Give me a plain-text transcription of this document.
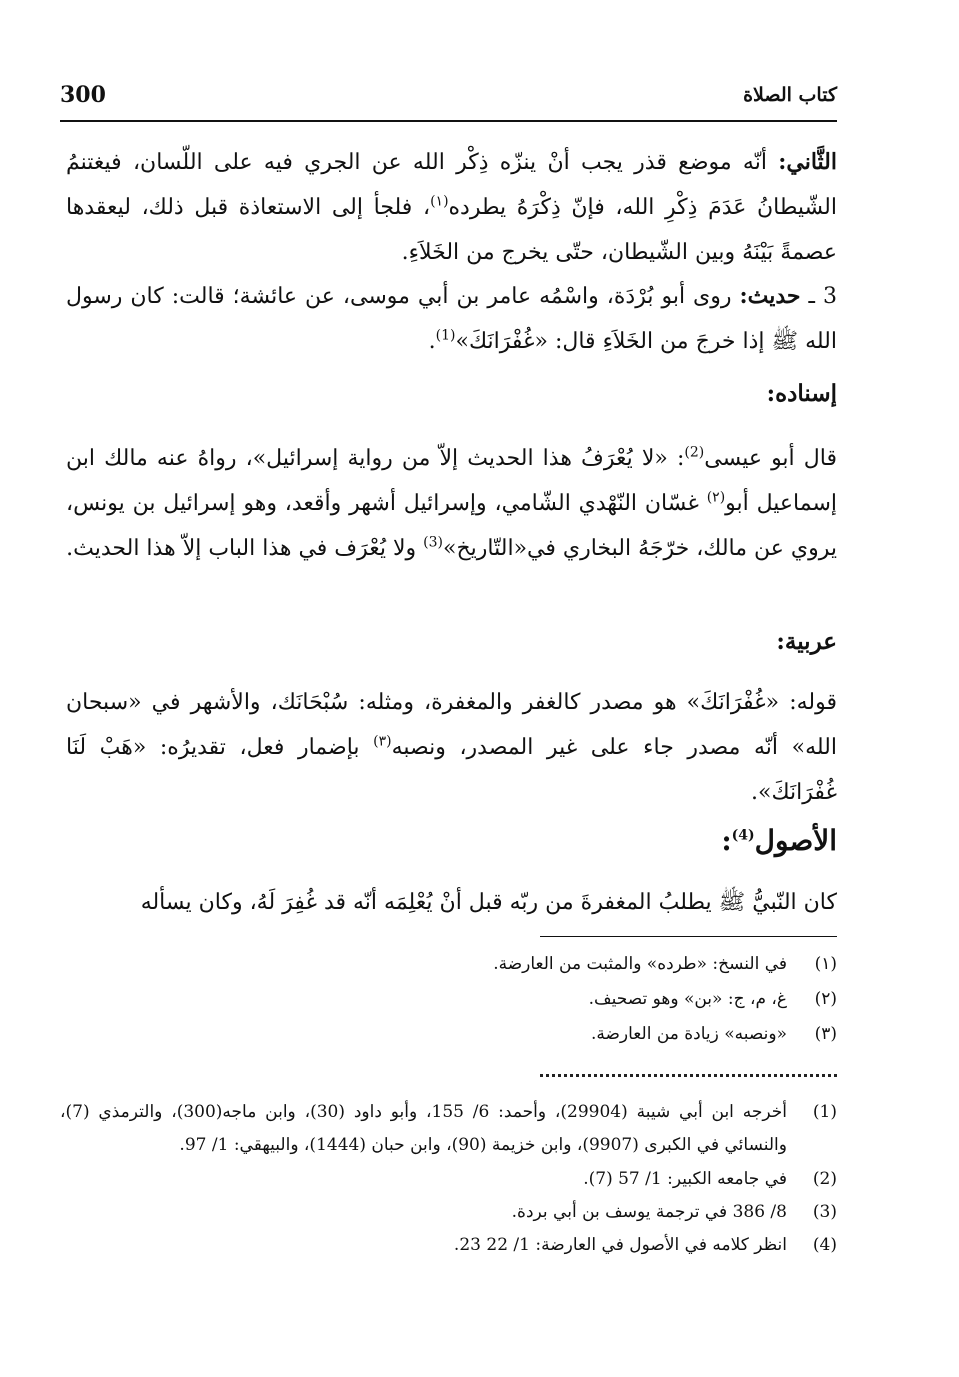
300	كتاب الصلاة
الثَّاني: أنّه موضع قذر يجب أنْ ينزّه ذِكْر الله عن الجري فيه على اللّسان، فيغتنمُ الشّيطانُ عَدَمَ ذِكْرِ الله، فإنّ ذِكْرَهُ يطرده$^{(١)}$، فلجأ إلى الاستعاذة قبل ذلك، ليعقدها عصمةً بَيْنَهُ وبين الشّيطان، حتّى يخرج من الخَلاَءِ.
3 ـ حديث: روى أبو بُرْدَة، واسْمُه عامر بن أبي موسى، عن عائشة؛ قالت: كان رسول الله ﷺ إذا خرجَ من الخَلاَءِ قال: «غُفْرَانَكَ»$^{(1)}$.
إسناده:
قال أبو عيسى$^{(2)}$: «لا يُعْرَفُ هذا الحديث إلاّ من رواية إسرائيل»، رواهُ عنه مالك ابن إسماعيل أبو$^{(٢)}$ غسّان النّهْدي الشّامي، وإسرائيل أشهر وأقعد، وهو إسرائيل بن يونس، يروي عن مالك، خرّجَهُ البخاري في«التّاريخ»$^{(3)}$ ولا يُعْرَف في هذا الباب إلاّ هذا الحديث.
عربية:
قوله: «غُفْرَانَكَ» هو مصدر كالغفر والمغفرة، ومثله: سُبْحَانَك، والأشهر في «سبحان الله» أنّه مصدر جاء على غير المصدر، ونصبه$^{(٣)}$ بإضمار فعل، تقديرُه: «هَبْ لَنَا غُفْرَانَكَ».
الأصول$^{(4)}$:
كان النّبيُّ ﷺ يطلبُ المغفرةَ من ربّه قبل أنْ يُعْلِمَه أنّه قد غُفِرَ لَهُ، وكان يسأله
(١)
في النسخ: «طرده» والمثبت من العارضة.
(٢)
غ، م، ج: «بن» وهو تصحيف.
(٣)
«ونصبه» زيادة من العارضة.
(1)
أخرجه ابن أبي شيبة (29904)، وأحمد: 6/ 155، وأبو داود (30)، وابن ماجه(300)، والترمذي (7)، والنسائي في الكبرى (9907)، وابن خزيمة (90)، وابن حبان (1444)، والبيهقي: 1/ 97.
(2)
في جامعه الكبير: 1/ 57 (7).
(3)
8/ 386 في ترجمة يوسف بن أبي بردة.
(4)
انظر كلامه في الأصول في العارضة: 1/ 22 23.
